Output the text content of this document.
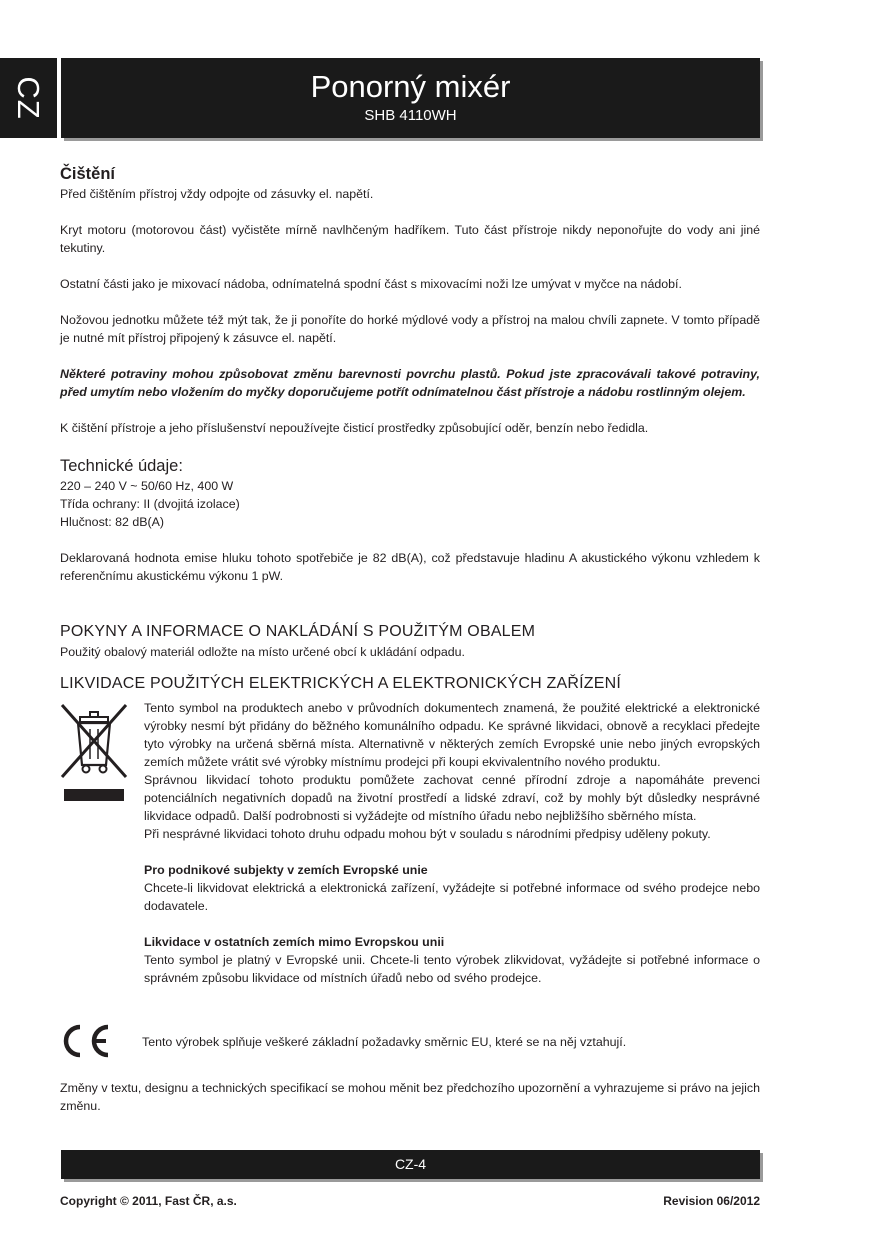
CZ	Ponorný mixér
SHB 4110WH
Čištění

Před čištěním přístroj vždy odpojte od zásuvky el. napětí.

Kryt motoru (motorovou část) vyčistěte mírně navlhčeným hadříkem. Tuto část přístroje nikdy neponořujte do vody ani jiné tekutiny.

Ostatní části jako je mixovací nádoba, odnímatelná spodní část s mixovacími noži lze umývat v myčce na nádobí.

Nožovou jednotku můžete též mýt tak, že ji ponoříte do horké mýdlové vody a přístroj na malou chvíli zapnete. V tomto případě je nutné mít přístroj připojený k zásuvce el. napětí.

Některé potraviny mohou způsobovat změnu barevnosti povrchu plastů. Pokud jste zpracovávali takové potraviny, před umytím nebo vložením do myčky doporučujeme potřít odnímatelnou část přístroje a nádobu rostlinným olejem.

K čištění přístroje a jeho příslušenství nepoužívejte čisticí prostředky způsobující oděr, benzín nebo ředidla.

Technické údaje:
220 – 240 V ~ 50/60 Hz, 400 W
Třída ochrany: II (dvojitá izolace)
Hlučnost: 82 dB(A)

Deklarovaná hodnota emise hluku tohoto spotřebiče je 82 dB(A), což představuje hladinu A akustického výkonu vzhledem k referenčnímu akustickému výkonu 1 pW.

POKYNY A INFORMACE O NAKLÁDÁNÍ S POUŽITÝM OBALEM

Použitý obalový materiál odložte na místo určené obcí k ukládání odpadu.

LIKVIDACE POUŽITÝCH ELEKTRICKÝCH A ELEKTRONICKÝCH ZAŘÍZENÍ

Tento symbol na produktech anebo v průvodních dokumentech znamená, že použité elektrické a elektronické výrobky nesmí být přidány do běžného komunálního odpadu. Ke správné likvidaci, obnově a recyklaci předejte tyto výrobky na určená sběrná místa. Alternativně v některých zemích Evropské unie nebo jiných evropských zemích můžete vrátit své výrobky místnímu prodejci při koupi ekvivalentního nového produktu.

Správnou likvidací tohoto produktu pomůžete zachovat cenné přírodní zdroje a napomáháte prevenci potenciálních negativních dopadů na životní prostředí a lidské zdraví, což by mohly být důsledky nesprávné likvidace odpadů. Další podrobnosti si vyžádejte od místního úřadu nebo nejbližšího sběrného místa.

Při nesprávné likvidaci tohoto druhu odpadu mohou být v souladu s národními předpisy uděleny pokuty.

Pro podnikové subjekty v zemích Evropské unie

Chcete-li likvidovat elektrická a elektronická zařízení, vyžádejte si potřebné informace od svého prodejce nebo dodavatele.

Likvidace v ostatních zemích mimo Evropskou unii

Tento symbol je platný v Evropské unii. Chcete-li tento výrobek zlikvidovat, vyžádejte si potřebné informace o správném způsobu likvidace od místních úřadů nebo od svého prodejce.

Tento výrobek splňuje veškeré základní požadavky směrnic EU, které se na něj vztahují.

Změny v textu, designu a technických specifikací se mohou měnit bez předchozího upozornění a vyhrazujeme si právo na jejich změnu.

CZ-4
Copyright © 2011, Fast ČR, a.s.	Revision 06/2012
